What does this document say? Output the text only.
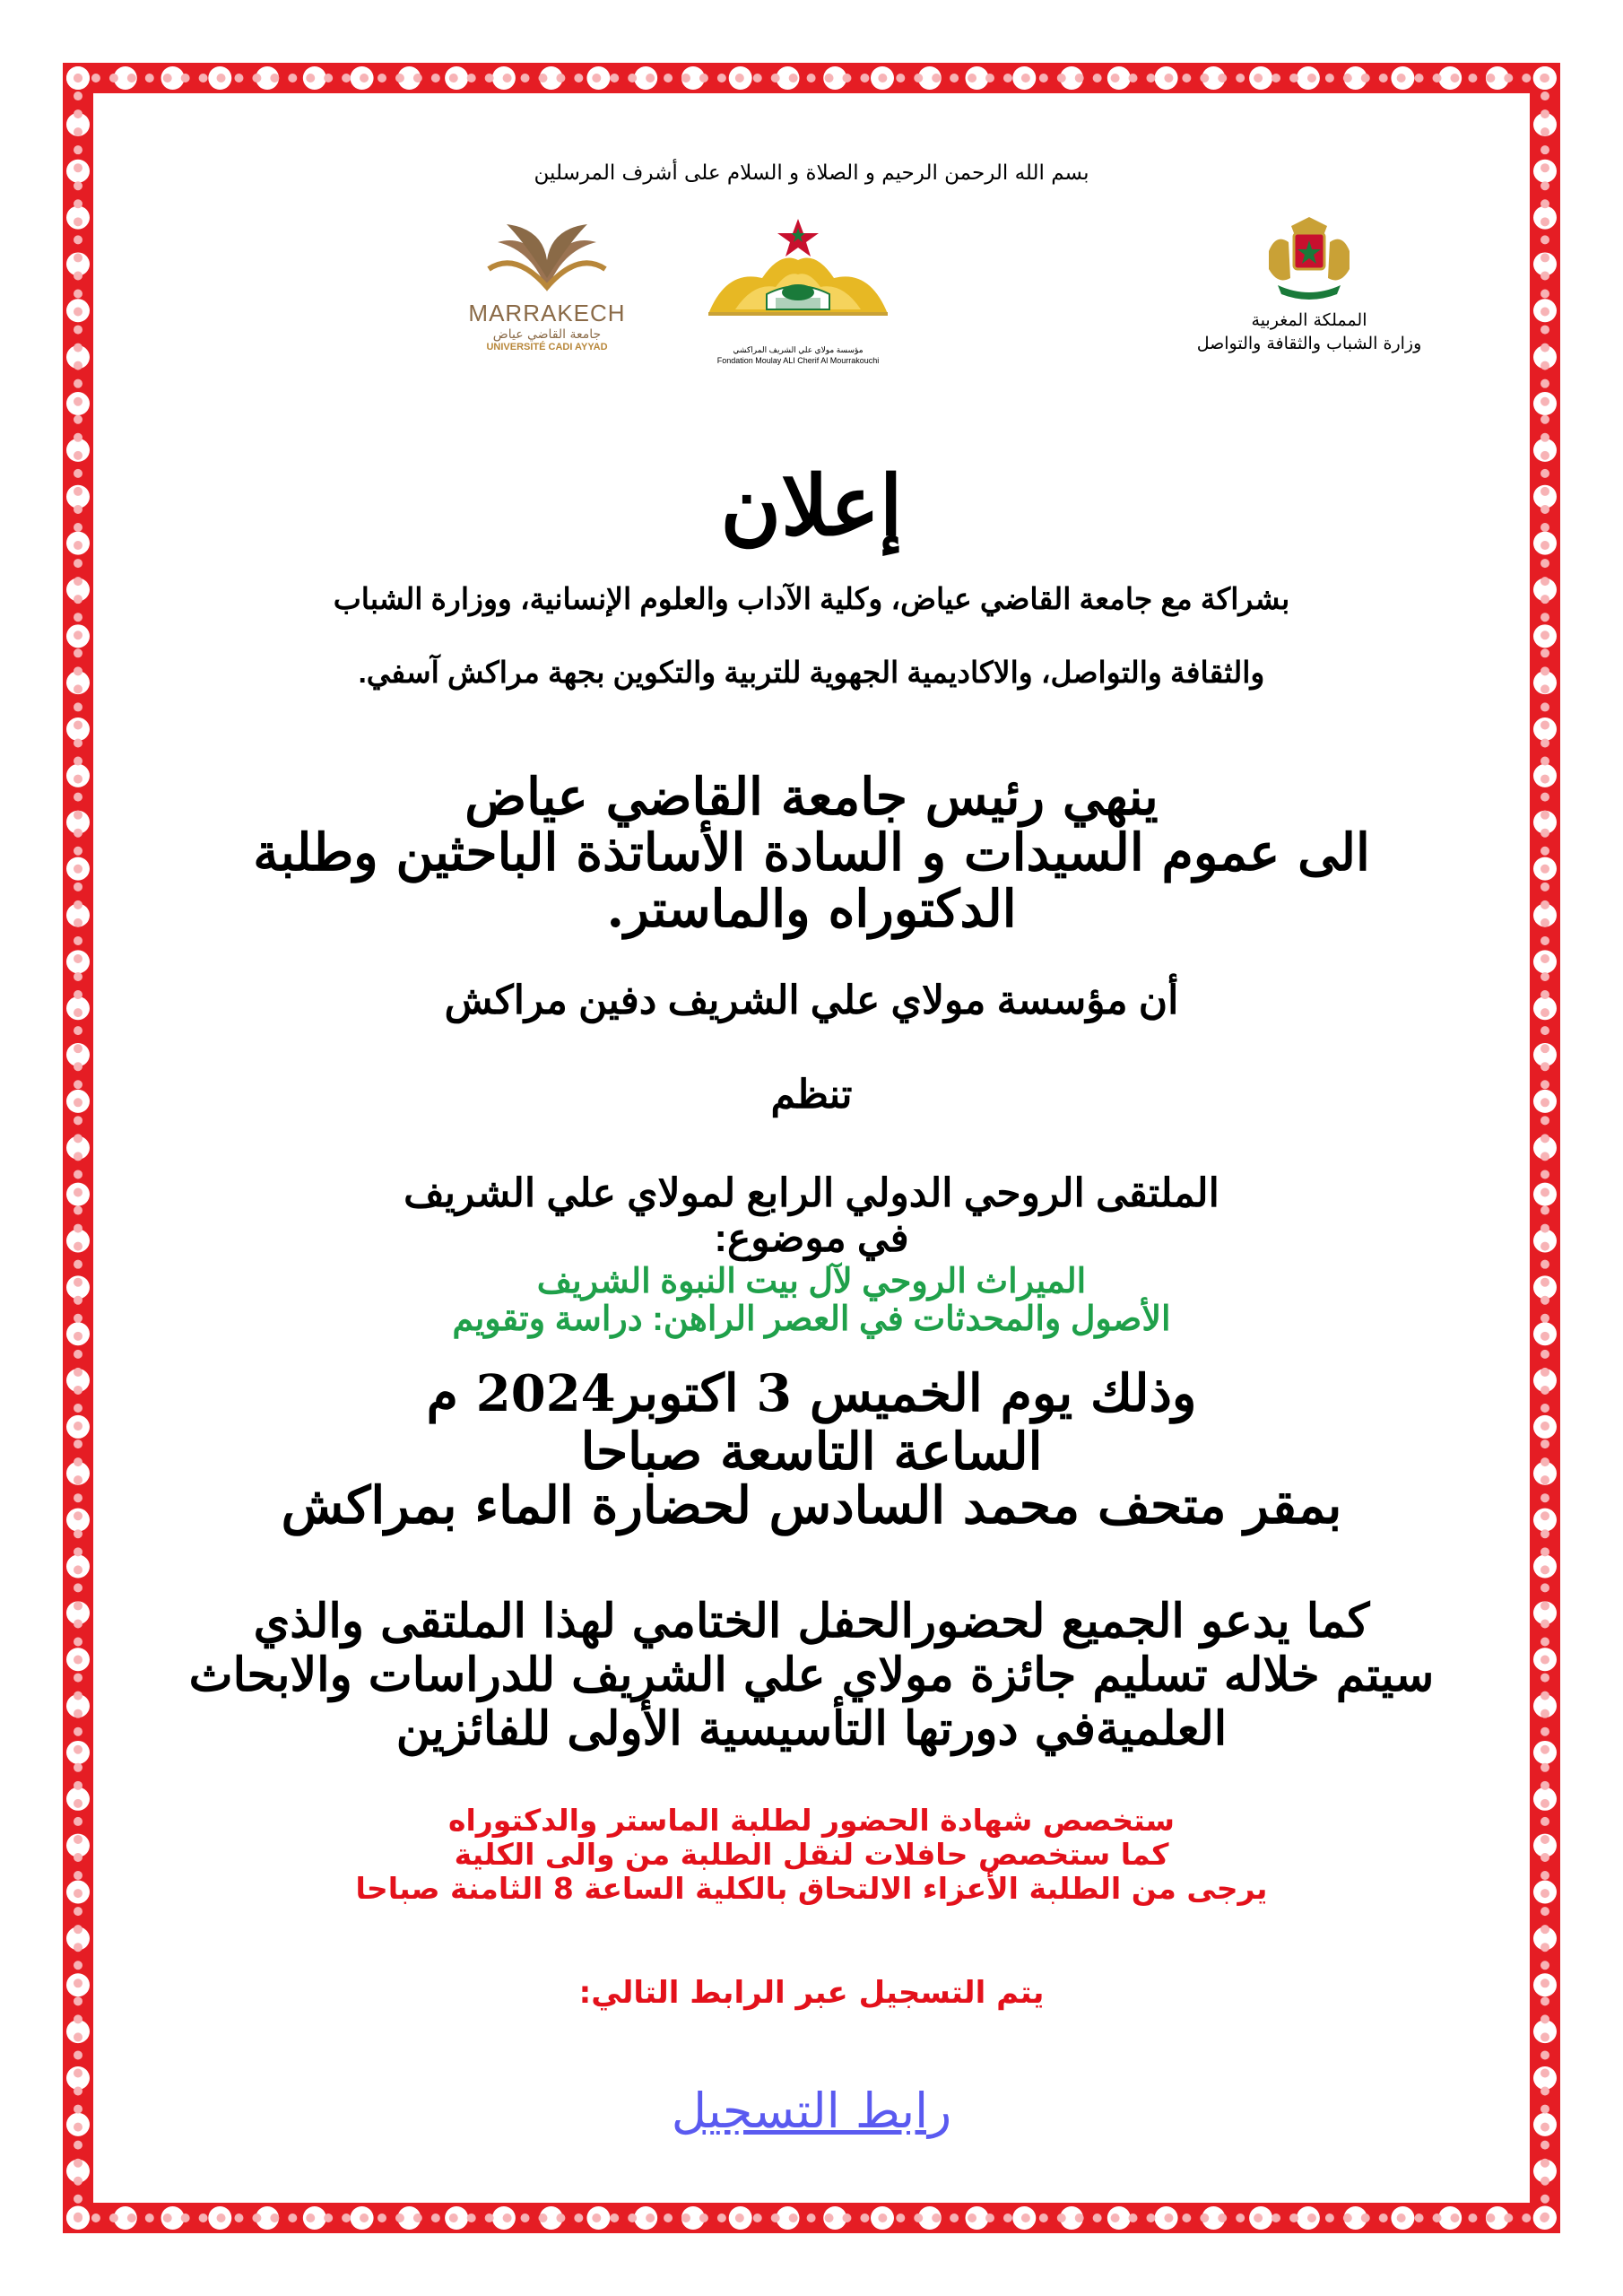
بسم الله الرحمن الرحيم و الصلاة و السلام على أشرف المرسلين
المملكة المغربية
وزارة الشباب والثقافة والتواصل
مؤسسة مولاي علي الشريف المراكشي
Fondation Moulay ALI Cherif Al Mourrakouchi
MARRAKECH
جامعة القاضي عياض
UNIVERSITÉ CADI AYYAD
إعلان
بشراكة مع جامعة القاضي عياض، وكلية الآداب والعلوم الإنسانية، ووزارة الشباب
والثقافة والتواصل، والاكاديمية الجهوية للتربية والتكوين بجهة مراكش آسفي.
ينهي رئيس جامعة القاضي عياض
الى عموم السيدات و السادة الأساتذة الباحثين وطلبة
الدكتوراه والماستر.
أن مؤسسة مولاي علي الشريف دفين مراكش
تنظم
الملتقى الروحي الدولي الرابع لمولاي علي الشريف
في موضوع:
الميراث الروحي لآل بيت النبوة الشريف
الأصول والمحدثات في العصر الراهن: دراسة وتقويم
وذلك يوم الخميس 3 اكتوبر2024 م
الساعة التاسعة صباحا
بمقر متحف محمد السادس لحضارة الماء بمراكش
كما يدعو الجميع لحضورالحفل الختامي لهذا الملتقى والذي
سيتم خلاله تسليم جائزة مولاي علي الشريف للدراسات والابحاث
العلميةفي دورتها التأسيسية الأولى للفائزين
ستخصص شهادة الحضور لطلبة الماستر والدكتوراه
كما ستخصص حافلات لنقل الطلبة من والى الكلية
يرجى من الطلبة الأعزاء الالتحاق بالكلية الساعة 8 الثامنة صباحا
يتم التسجيل عبر الرابط التالي:
رابط التسجيل
